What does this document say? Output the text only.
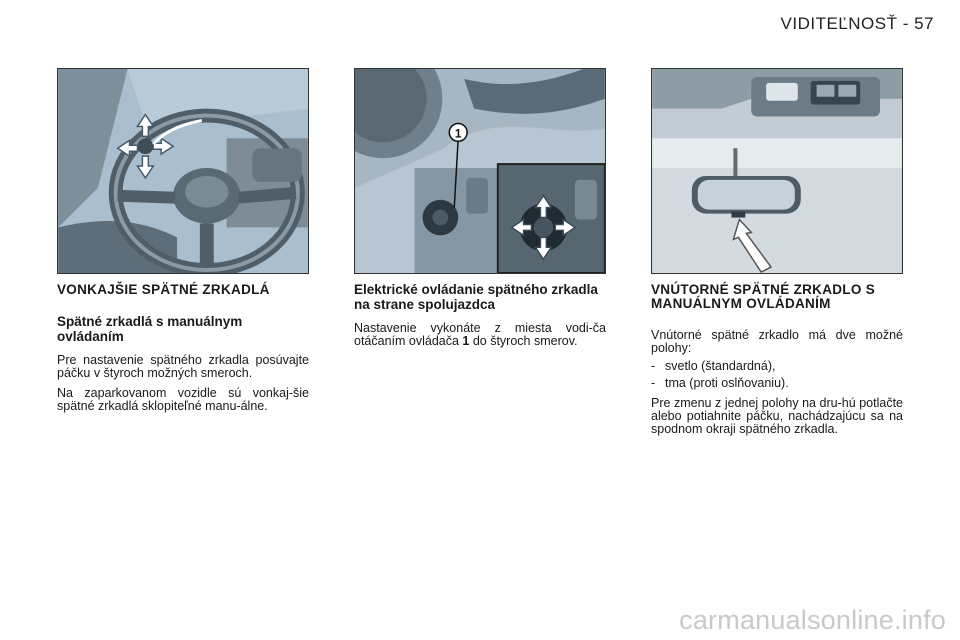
VIDITEĽNOSŤ - 57
1
VONKAJŠIE SPÄTNÉ ZRKADLÁ
Spätné zrkadlá s manuálnym ovládaním

Pre nastavenie spätného zrkadla posúvajte páčku v štyroch možných smeroch.

Na zaparkovanom vozidle sú vonkaj-šie spätné zrkadlá sklopiteľné manu-álne.

Elektrické ovládanie spätného zrkadla na strane spolujazdca

Nastavenie vykonáte z miesta vodi-ča otáčaním ovládača 1 do štyroch smerov.

VNÚTORNÉ SPÄTNÉ ZRKADLO S MANUÁLNYM OVLÁDANÍM

Vnútorné spätné zrkadlo má dve možné polohy:

- svetlo (štandardná),
- tma (proti oslňovaniu).

Pre zmenu z jednej polohy na dru-hú potlačte alebo potiahnite páčku, nachádzajúcu sa na spodnom okraji spätného zrkadla.

carmanualsonline.info
